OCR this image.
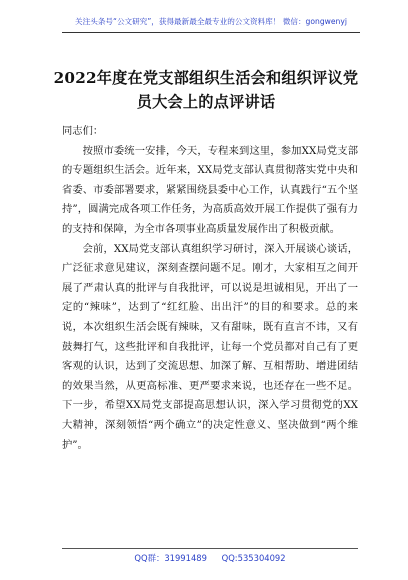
关注头条号“公文研究”，获得最新最全最专业的公文资料库！ 微信：gongwenyj
2022年度在党支部组织生活会和组织评议党员大会上的点评讲话

同志们：

按照市委统一安排，今天，专程来到这里，参加XX局党支部的专题组织生活会。近年来，XX局党支部认真贯彻落实党中央和省委、市委部署要求，紧紧围绕县委中心工作，认真践行“五个坚持”，圆满完成各项工作任务，为高质高效开展工作提供了强有力的支持和保障，为全市各项事业高质量发展作出了积极贡献。

会前，XX局党支部认真组织学习研讨，深入开展谈心谈话，广泛征求意见建议，深刻查摆问题不足。刚才，大家相互之间开展了严肃认真的批评与自我批评，可以说是坦诚相见，开出了一定的“辣味”，达到了“红红脸、出出汗”的目的和要求。总的来说，本次组织生活会既有辣味，又有甜味，既有直言不讳，又有鼓舞打气，这些批评和自我批评，让每一个党员都对自己有了更客观的认识，达到了交流思想、加深了解、互相帮助、增进团结的效果当然，从更高标准、更严要求来说，也还存在一些不足。下一步，希望XX局党支部提高思想认识，深入学习贯彻党的XX大精神，深刻领悟“两个确立”的决定性意义、坚决做到“两个维护”。

QQ群：31991489 QQ:535304092
